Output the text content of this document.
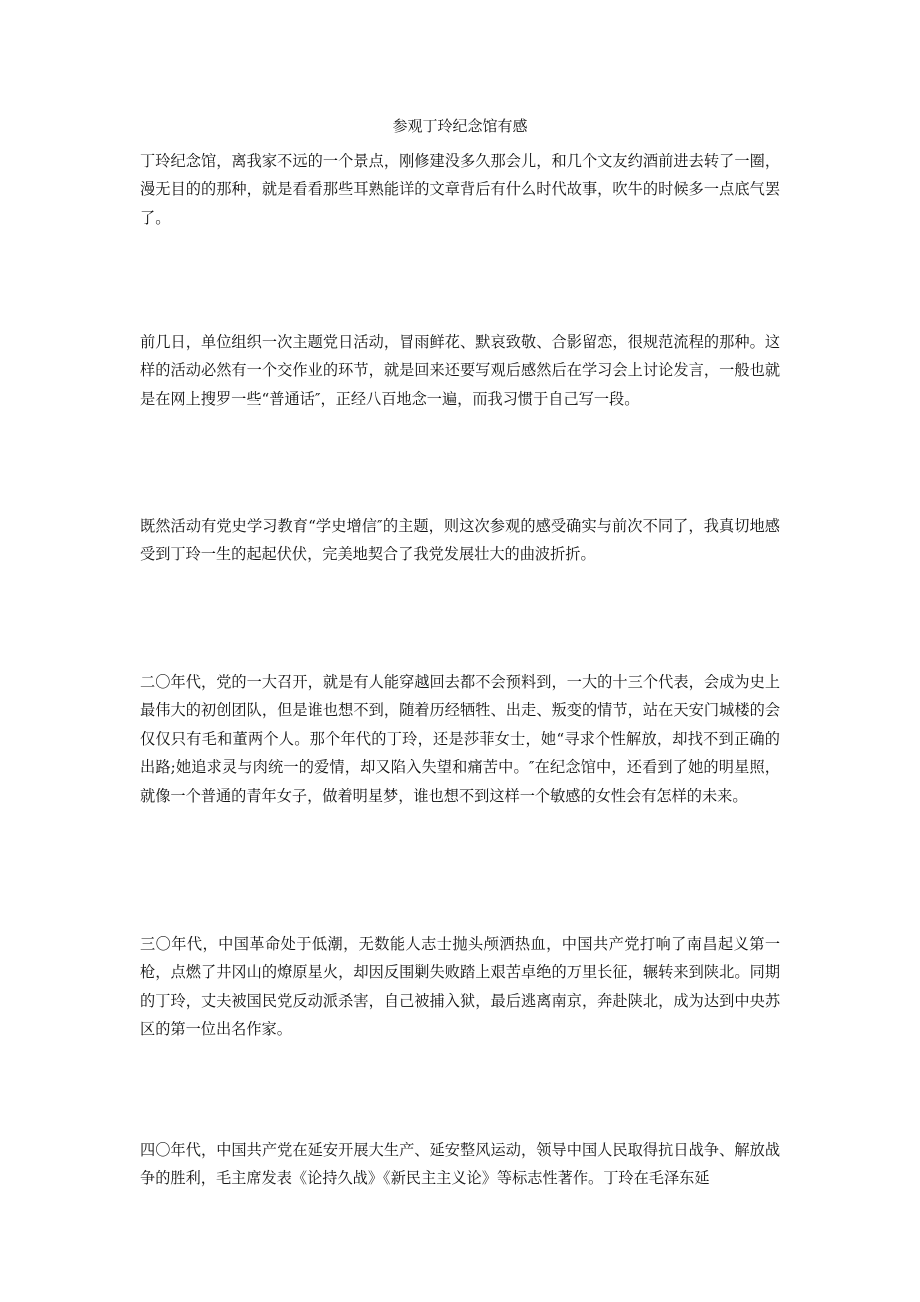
参观丁玲纪念馆有感

丁玲纪念馆，离我家不远的一个景点，刚修建没多久那会儿，和几个文友约酒前进去转了一圈，漫无目的的那种，就是看看那些耳熟能详的文章背后有什么时代故事，吹牛的时候多一点底气罢了。

前几日，单位组织一次主题党日活动，冒雨鲜花、默哀致敬、合影留恋，很规范流程的那种。这样的活动必然有一个交作业的环节，就是回来还要写观后感然后在学习会上讨论发言，一般也就是在网上搜罗一些“普通话″，正经八百地念一遍，而我习惯于自己写一段。

既然活动有党史学习教育“学史增信″的主题，则这次参观的感受确实与前次不同了，我真切地感受到丁玲一生的起起伏伏，完美地契合了我党发展壮大的曲波折折。

二〇年代，党的一大召开，就是有人能穿越回去都不会预料到，一大的十三个代表，会成为史上最伟大的初创团队，但是谁也想不到，随着历经牺牲、出走、叛变的情节，站在天安门城楼的会仅仅只有毛和董两个人。那个年代的丁玲，还是莎菲女士，她“寻求个性解放，却找不到正确的出路;她追求灵与肉统一的爱情，却又陷入失望和痛苦中。″在纪念馆中，还看到了她的明星照，就像一个普通的青年女子，做着明星梦，谁也想不到这样一个敏感的女性会有怎样的未来。

三〇年代，中国革命处于低潮，无数能人志士抛头颅洒热血，中国共产党打响了南昌起义第一枪，点燃了井冈山的燎原星火，却因反围剿失败踏上艰苦卓绝的万里长征，辗转来到陕北。同期的丁玲，丈夫被国民党反动派杀害，自己被捕入狱，最后逃离南京，奔赴陕北，成为达到中央苏区的第一位出名作家。

四〇年代，中国共产党在延安开展大生产、延安整风运动，领导中国人民取得抗日战争、解放战争的胜利，毛主席发表《论持久战》《新民主主义论》等标志性著作。丁玲在毛泽东延
